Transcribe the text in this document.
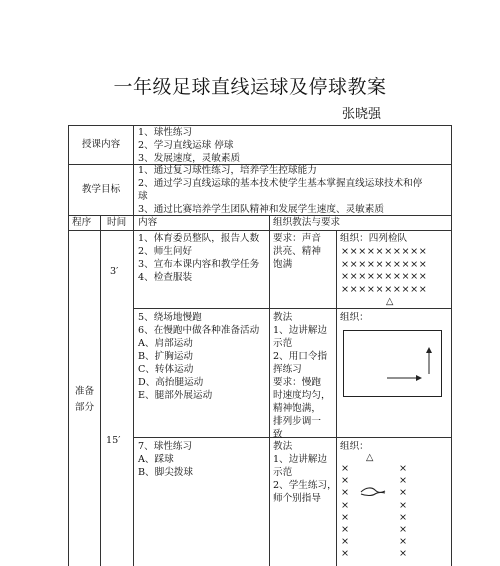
一年级足球直线运球及停球教案
张晓强
授课内容
教学目标
1、球性练习
2、学习直线运球 停球
3、发展速度，灵敏素质
1、通过复习球性练习，培养学生控球能力
2、通过学习直线运球的基本技术使学生基本掌握直线运球技术和停
球
3、通过比赛培养学生团队精神和发展学生速度、灵敏素质
程序 时间 内容	组织教法与要求
准备
部分
3′
15′
1、体育委员整队，报告人数
2、师生问好
3、宣布本课内容和教学任务
4、检查服装
要求：声音
洪亮、精神
饱满
组织：四列检队
××××××××××
××××××××××
××××××××××
××××××××××
△
5、绕场地慢跑
6、在慢跑中做各种准备活动
A、肩部运动
B、扩胸运动
C、转体运动
D、高抬腿运动
E、腿部外展运动
教法
1、边讲解边
示范
2、用口令指
挥练习
要求：慢跑
时速度均匀，
精神饱满，
排列步调一
致
组织：
7、球性练习
A、踩球
B、脚尖拨球
教法
1、边讲解边
示范
2、学生练习，
师个别指导
组织：
△
×
×
×
×
×
×
×
×
×
×
×
×
×
×
×
×
